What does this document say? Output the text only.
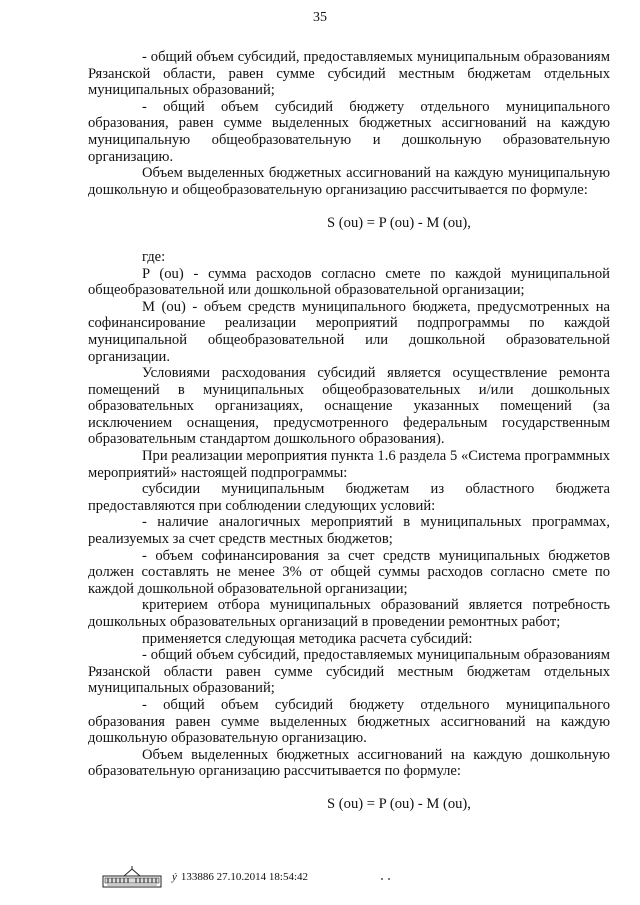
35

- общий объем субсидий, предоставляемых муниципальным образованиям Рязанской области, равен сумме субсидий местным бюджетам отдельных муниципальных образований;

- общий объем субсидий бюджету отдельного муниципального образования, равен сумме выделенных бюджетных ассигнований на каждую муниципальную общеобразовательную и дошкольную образовательную организацию.

Объем выделенных бюджетных ассигнований на каждую муниципальную дошкольную и общеобразовательную организацию рассчитывается по формуле:

S (ou) = P (ou) - M (ou),

где:

P (ou) - сумма расходов согласно смете по каждой муниципальной общеобразовательной или дошкольной образовательной организации;

M (ou) - объем средств муниципального бюджета, предусмотренных на софинансирование реализации мероприятий подпрограммы по каждой муниципальной общеобразовательной или дошкольной образовательной организации.

Условиями расходования субсидий является осуществление ремонта помещений в муниципальных общеобразовательных и/или дошкольных образовательных организациях, оснащение указанных помещений (за исключением оснащения, предусмотренного федеральным государственным образовательным стандартом дошкольного образования).

При реализации мероприятия пункта 1.6 раздела 5 «Система программных мероприятий» настоящей подпрограммы:

субсидии муниципальным бюджетам из областного бюджета предоставляются при соблюдении следующих условий:

- наличие аналогичных мероприятий в муниципальных программах, реализуемых за счет средств местных бюджетов;

- объем софинансирования за счет средств муниципальных бюджетов должен составлять не менее 3% от общей суммы расходов согласно смете по каждой дошкольной образовательной организации;

критерием отбора муниципальных образований является потребность дошкольных образовательных организаций в проведении ремонтных работ;

применяется следующая методика расчета субсидий:

- общий объем субсидий, предоставляемых муниципальным образованиям Рязанской области равен сумме субсидий местным бюджетам отдельных муниципальных образований;

- общий объем субсидий бюджету отдельного муниципального образования равен сумме выделенных бюджетных ассигнований на каждую дошкольную образовательную организацию.

Объем выделенных бюджетных ассигнований на каждую дошкольную образовательную организацию рассчитывается по формуле:

S (ou) = P (ou) - M (ou),

ý 133886 27.10.2014 18:54:42
